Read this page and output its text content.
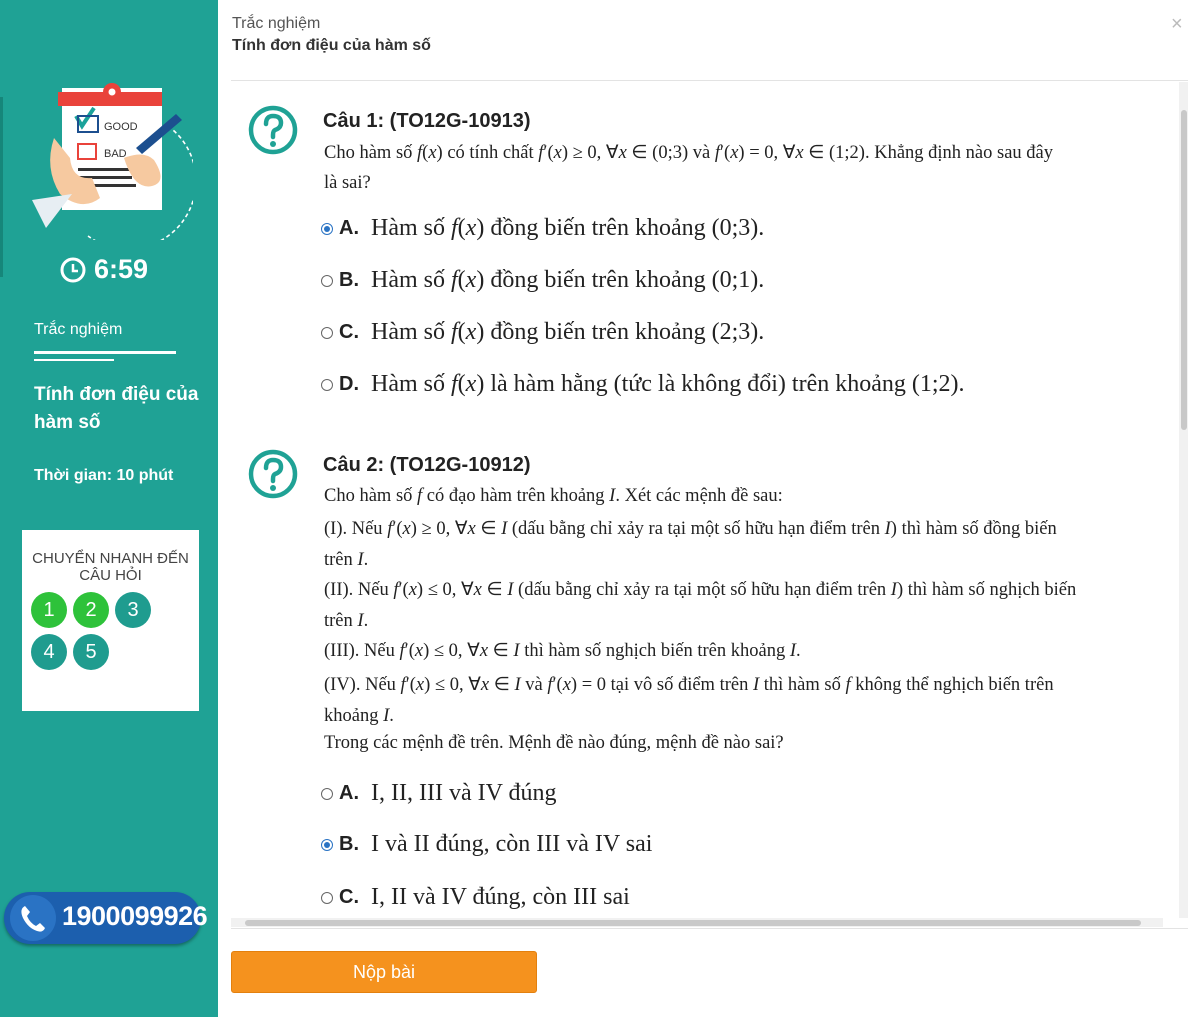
GOOD
BAD
6:59
Trắc nghiệm
Tính đơn điệu của hàm số
Thời gian: 10 phút
CHUYỂN NHANH ĐẾN CÂU HỎI
1	2	3
4	5
1900099926
Trắc nghiệm
Tính đơn điệu của hàm số
×
Câu 1: (TO12G-10913)
Cho hàm số f(x) có tính chất f′(x) ≥ 0, ∀x ∈ (0;3) và f′(x) = 0, ∀x ∈ (1;2). Khẳng định nào sau đây
là sai?
A. Hàm số f(x) đồng biến trên khoảng (0;3).
B. Hàm số f(x) đồng biến trên khoảng (0;1).
C. Hàm số f(x) đồng biến trên khoảng (2;3).
D. Hàm số f(x) là hàm hằng (tức là không đổi) trên khoảng (1;2).
Câu 2: (TO12G-10912)
Cho hàm số f có đạo hàm trên khoảng I. Xét các mệnh đề sau:
(I). Nếu f′(x) ≥ 0, ∀x ∈ I (dấu bằng chỉ xảy ra tại một số hữu hạn điểm trên I) thì hàm số đồng biến
trên I.
(II). Nếu f′(x) ≤ 0, ∀x ∈ I (dấu bằng chỉ xảy ra tại một số hữu hạn điểm trên I) thì hàm số nghịch biến
trên I.
(III). Nếu f′(x) ≤ 0, ∀x ∈ I thì hàm số nghịch biến trên khoảng I.
(IV). Nếu f′(x) ≤ 0, ∀x ∈ I và f′(x) = 0 tại vô số điểm trên I thì hàm số f không thể nghịch biến trên
khoảng I.
Trong các mệnh đề trên. Mệnh đề nào đúng, mệnh đề nào sai?
A. I, II, III và IV đúng
B. I và II đúng, còn III và IV sai
C. I, II và IV đúng, còn III sai
Nộp bài
